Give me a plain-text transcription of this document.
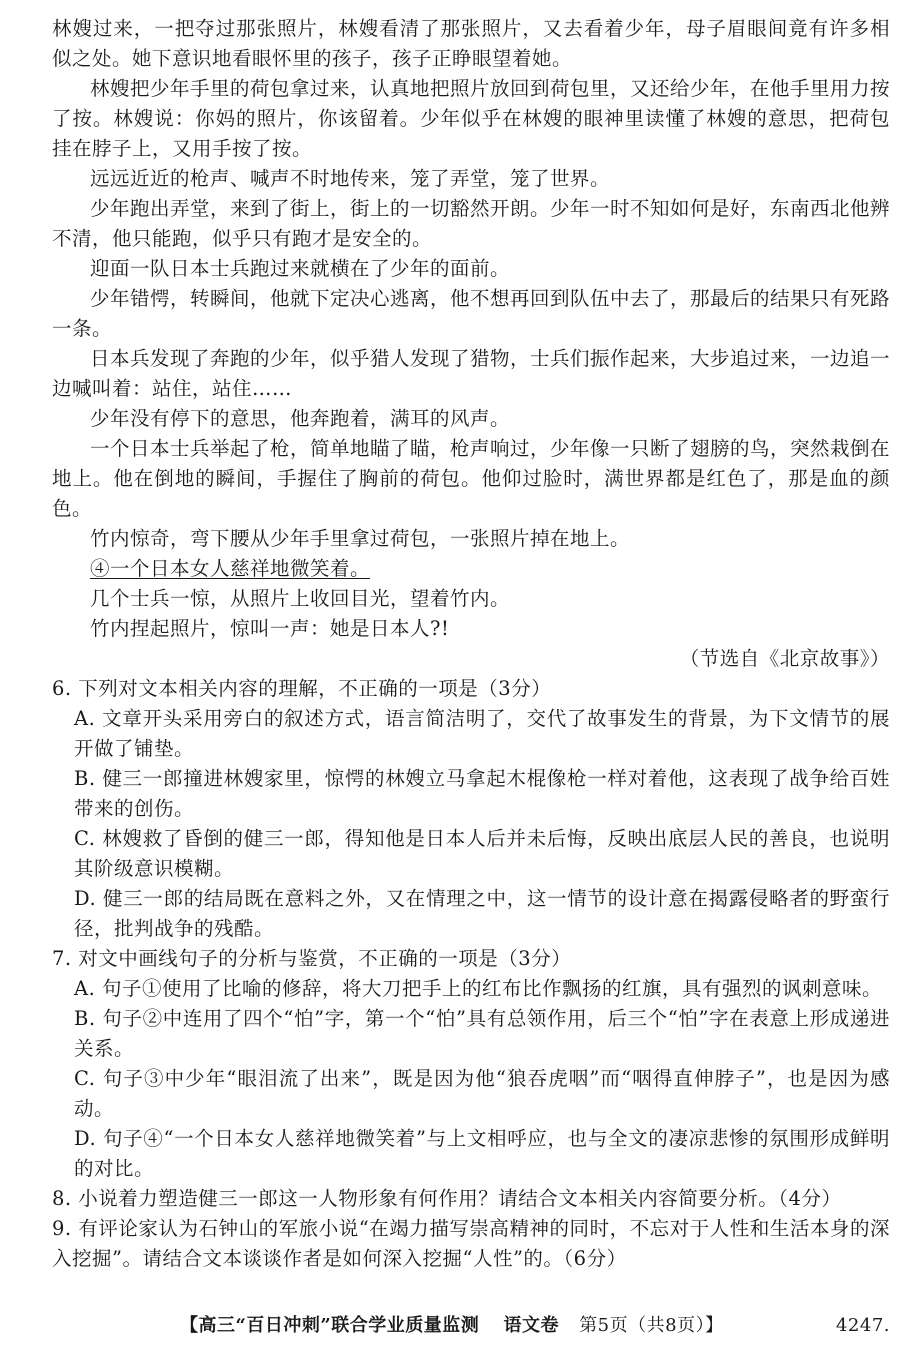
林嫂过来，一把夺过那张照片，林嫂看清了那张照片，又去看着少年，母子眉眼间竟有许多相似之处。她下意识地看眼怀里的孩子，孩子正睁眼望着她。

林嫂把少年手里的荷包拿过来，认真地把照片放回到荷包里，又还给少年，在他手里用力按了按。林嫂说：你妈的照片，你该留着。少年似乎在林嫂的眼神里读懂了林嫂的意思，把荷包挂在脖子上，又用手按了按。

远远近近的枪声、喊声不时地传来，笼了弄堂，笼了世界。

少年跑出弄堂，来到了街上，街上的一切豁然开朗。少年一时不知如何是好，东南西北他辨不清，他只能跑，似乎只有跑才是安全的。

迎面一队日本士兵跑过来就横在了少年的面前。

少年错愕，转瞬间，他就下定决心逃离，他不想再回到队伍中去了，那最后的结果只有死路一条。

日本兵发现了奔跑的少年，似乎猎人发现了猎物，士兵们振作起来，大步追过来，一边追一边喊叫着：站住，站住……

少年没有停下的意思，他奔跑着，满耳的风声。

一个日本士兵举起了枪，简单地瞄了瞄，枪声响过，少年像一只断了翅膀的鸟，突然栽倒在地上。他在倒地的瞬间，手握住了胸前的荷包。他仰过脸时，满世界都是红色了，那是血的颜色。

竹内惊奇，弯下腰从少年手里拿过荷包，一张照片掉在地上。

④一个日本女人慈祥地微笑着。

几个士兵一惊，从照片上收回目光，望着竹内。

竹内捏起照片，惊叫一声：她是日本人?!

（节选自《北京故事》）

6. 下列对文本相关内容的理解，不正确的一项是（3分）

A. 文章开头采用旁白的叙述方式，语言简洁明了，交代了故事发生的背景，为下文情节的展开做了铺垫。

B. 健三一郎撞进林嫂家里，惊愕的林嫂立马拿起木棍像枪一样对着他，这表现了战争给百姓带来的创伤。

C. 林嫂救了昏倒的健三一郎，得知他是日本人后并未后悔，反映出底层人民的善良，也说明其阶级意识模糊。

D. 健三一郎的结局既在意料之外，又在情理之中，这一情节的设计意在揭露侵略者的野蛮行径，批判战争的残酷。

7. 对文中画线句子的分析与鉴赏，不正确的一项是（3分）

A. 句子①使用了比喻的修辞，将大刀把手上的红布比作飘扬的红旗，具有强烈的讽刺意味。

B. 句子②中连用了四个“怕”字，第一个“怕”具有总领作用，后三个“怕”字在表意上形成递进关系。

C. 句子③中少年“眼泪流了出来”，既是因为他“狼吞虎咽”而“咽得直伸脖子”，也是因为感动。

D. 句子④“一个日本女人慈祥地微笑着”与上文相呼应，也与全文的凄凉悲惨的氛围形成鲜明的对比。

8. 小说着力塑造健三一郎这一人物形象有何作用？请结合文本相关内容简要分析。（4分）

9. 有评论家认为石钟山的军旅小说“在竭力描写崇高精神的同时，不忘对于人性和生活本身的深入挖掘”。请结合文本谈谈作者是如何深入挖掘“人性”的。（6分）

【高三“百日冲刺”联合学业质量监测 语文卷 第5页（共8页）】	4247.
